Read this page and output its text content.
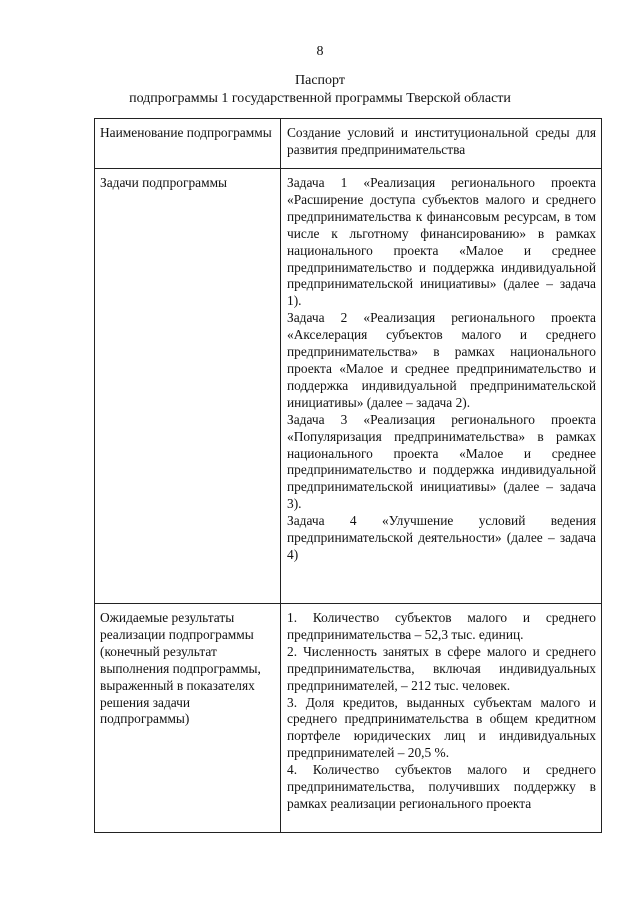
8
Паспорт
подпрограммы 1 государственной программы Тверской области
Наименование подпрограммы	Создание условий и институциональной среды для развития предпринимательства

Задачи подпрограммы	Задача 1 «Реализация регионального проекта «Расширение доступа субъектов малого и среднего предпринимательства к финансовым ресурсам, в том числе к льготному финансированию» в рамках национального проекта «Малое и среднее предпринимательство и поддержка индивидуальной предпринимательской инициативы» (далее – задача 1).
Задача 2 «Реализация регионального проекта «Акселерация субъектов малого и среднего предпринимательства» в рамках национального проекта «Малое и среднее предпринимательство и поддержка индивидуальной предпринимательской инициативы» (далее – задача 2).
Задача 3 «Реализация регионального проекта «Популяризация предпринимательства» в рамках национального проекта «Малое и среднее предпринимательство и поддержка индивидуальной предпринимательской инициативы» (далее – задача 3).
Задача 4 «Улучшение условий ведения предпринимательской деятельности» (далее – задача 4)

Ожидаемые результаты реализации подпрограммы (конечный результат выполнения подпрограммы, выраженный в показателях решения задачи подпрограммы)	1. Количество субъектов малого и среднего предпринимательства – 52,3 тыс. единиц.
2. Численность занятых в сфере малого и среднего предпринимательства, включая индивидуальных предпринимателей, – 212 тыс. человек.
3. Доля кредитов, выданных субъектам малого и среднего предпринимательства в общем кредитном портфеле юридических лиц и индивидуальных предпринимателей – 20,5 %.
4. Количество субъектов малого и среднего предпринимательства, получивших поддержку в рамках реализации регионального проекта
